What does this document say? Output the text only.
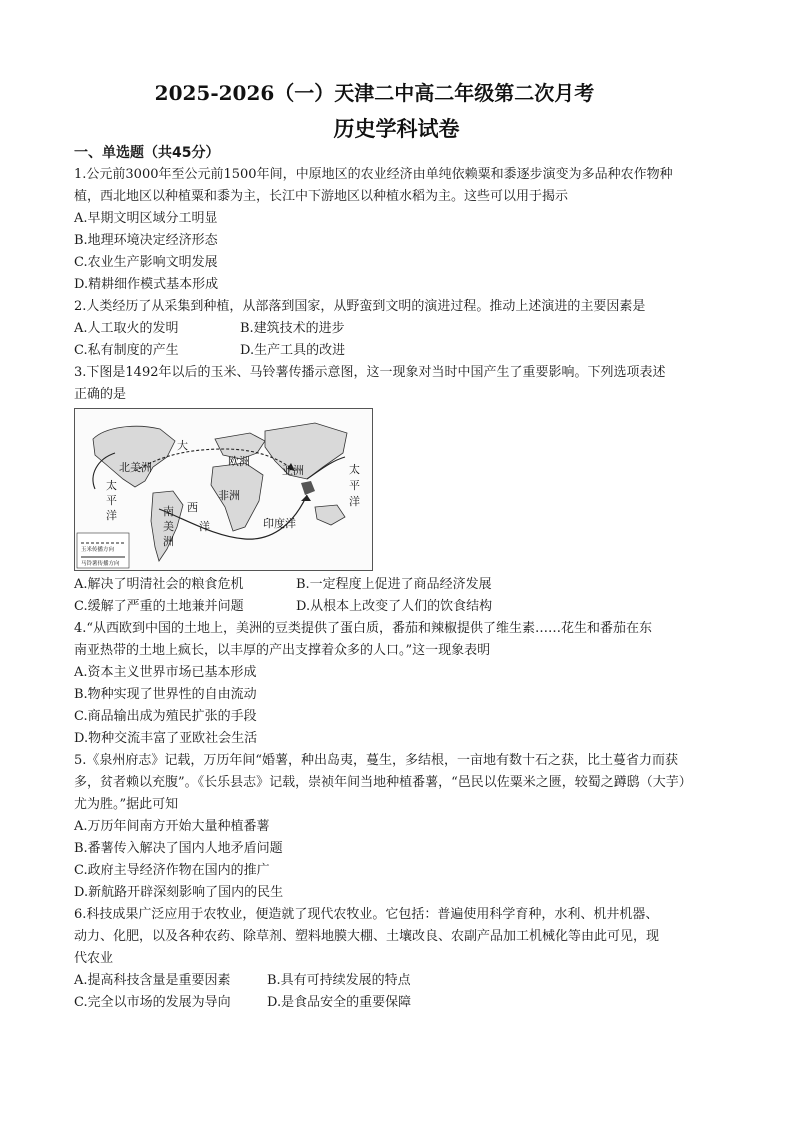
2025-2026（一）天津二中高二年级第二次月考
历史学科试卷
一、单选题（共45分）
1.公元前3000年至公元前1500年间，中原地区的农业经济由单纯依赖粟和黍逐步演变为多品种农作物种
植，西北地区以种植粟和黍为主，长江中下游地区以种植水稻为主。这些可以用于揭示
A.早期文明区域分工明显
B.地理环境决定经济形态
C.农业生产影响文明发展
D.精耕细作模式基本形成
2.人类经历了从采集到种植，从部落到国家，从野蛮到文明的演进过程。推动上述演进的主要因素是
A.人工取火的发明	B.建筑技术的进步
C.私有制度的产生	D.生产工具的改进
3.下图是1492年以后的玉米、马铃薯传播示意图，这一现象对当时中国产生了重要影响。下列选项表述
正确的是
北美洲
大
欧洲
亚洲
非洲
西
太
平
洋
太
平
洋
南
美
洲
洋	印度洋
玉米传播方向
马铃薯传播方向
A.解决了明清社会的粮食危机	B.一定程度上促进了商品经济发展
C.缓解了严重的土地兼并问题	D.从根本上改变了人们的饮食结构
4.“从西欧到中国的土地上，美洲的豆类提供了蛋白质，番茄和辣椒提供了维生素……花生和番茄在东
南亚热带的土地上疯长，以丰厚的产出支撑着众多的人口。”这一现象表明
A.资本主义世界市场已基本形成
B.物种实现了世界性的自由流动
C.商品输出成为殖民扩张的手段
D.物种交流丰富了亚欧社会生活
5.《泉州府志》记载，万历年间“婚薯，种出岛夷，蔓生，多结根，一亩地有数十石之获，比土蔓省力而获
多，贫者赖以充腹”。《长乐县志》记载，崇祯年间当地种植番薯，“邑民以佐粟米之匮，较蜀之蹲鸱（大芋）
尤为胜。”据此可知
A.万历年间南方开始大量种植番薯
B.番薯传入解决了国内人地矛盾问题
C.政府主导经济作物在国内的推广
D.新航路开辟深刻影响了国内的民生
6.科技成果广泛应用于农牧业，便造就了现代农牧业。它包括：普遍使用科学育种，水利、机井机器、
动力、化肥，以及各种农药、除草剂、塑料地膜大棚、土壤改良、农副产品加工机械化等由此可见，现
代农业
A.提高科技含量是重要因素	B.具有可持续发展的特点
C.完全以市场的发展为导向	D.是食品安全的重要保障
